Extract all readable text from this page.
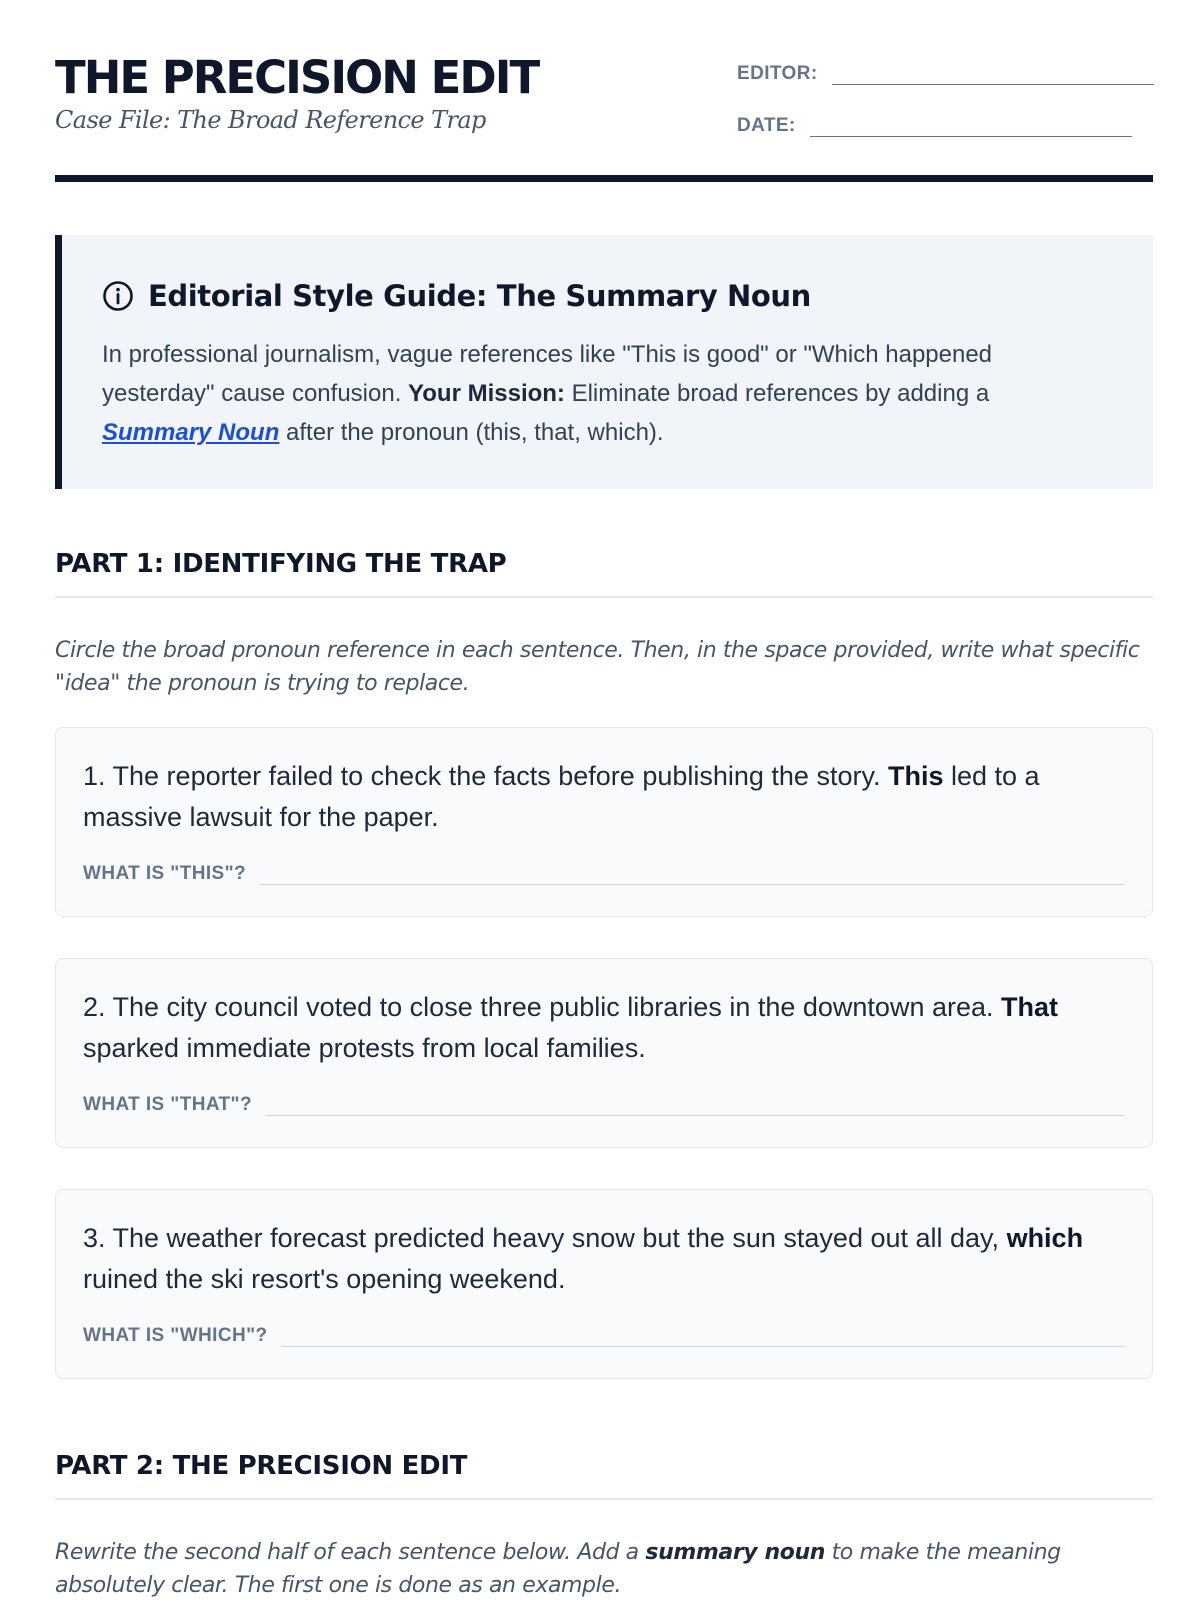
THE PRECISION EDIT
Case File: The Broad Reference Trap
EDITOR:
DATE:
Editorial Style Guide: The Summary Noun
In professional journalism, vague references like "This is good" or "Which happened yesterday" cause confusion. Your Mission: Eliminate broad references by adding a Summary Noun after the pronoun (this, that, which).
PART 1: IDENTIFYING THE TRAP
Circle the broad pronoun reference in each sentence. Then, in the space provided, write what specific "idea" the pronoun is trying to replace.
1. The reporter failed to check the facts before publishing the story. This led to a massive lawsuit for the paper.
WHAT IS "THIS"?
2. The city council voted to close three public libraries in the downtown area. That sparked immediate protests from local families.
WHAT IS "THAT"?
3. The weather forecast predicted heavy snow but the sun stayed out all day, which ruined the ski resort's opening weekend.
WHAT IS "WHICH"?
PART 2: THE PRECISION EDIT
Rewrite the second half of each sentence below. Add a summary noun to make the meaning absolutely clear. The first one is done as an example.
